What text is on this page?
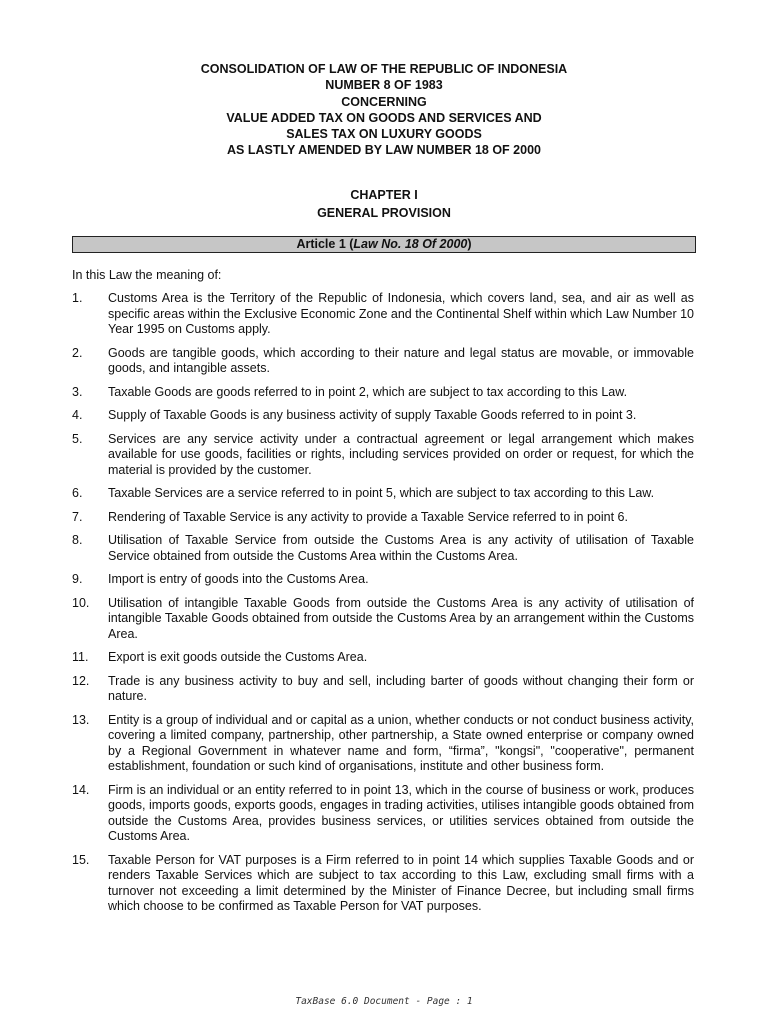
CONSOLIDATION OF LAW OF THE REPUBLIC OF INDONESIA
NUMBER 8 OF 1983
CONCERNING
VALUE ADDED TAX ON GOODS AND SERVICES AND
SALES TAX ON LUXURY GOODS
AS LASTLY AMENDED BY LAW NUMBER 18 OF 2000
CHAPTER I
GENERAL PROVISION
Article 1 (Law No. 18 Of 2000)
In this Law the meaning of:
1.	Customs Area is the Territory of the Republic of Indonesia, which covers land, sea, and air as well as specific areas within the Exclusive Economic Zone and the Continental Shelf within which Law Number 10 Year 1995 on Customs apply.
2.	Goods are tangible goods, which according to their nature and legal status are movable, or immovable goods, and intangible assets.
3.	Taxable Goods are goods referred to in point 2, which are subject to tax according to this Law.
4.	Supply of Taxable Goods is any business activity of supply Taxable Goods referred to in point 3.
5.	Services are any service activity under a contractual agreement or legal arrangement which makes available for use goods, facilities or rights, including services provided on order or request, for which the material is provided by the customer.
6.	Taxable Services are a service referred to in point 5, which are subject to tax according to this Law.
7.	Rendering of Taxable Service is any activity to provide a Taxable Service referred to in point 6.
8.	Utilisation of Taxable Service from outside the Customs Area is any activity of utilisation of Taxable Service obtained from outside the Customs Area within the Customs Area.
9.	Import is entry of goods into the Customs Area.
10.	Utilisation of intangible Taxable Goods from outside the Customs Area is any activity of utilisation of intangible Taxable Goods obtained from outside the Customs Area by an arrangement within the Customs Area.
11.	Export is exit goods outside the Customs Area.
12.	Trade is any business activity to buy and sell, including barter of goods without changing their form or nature.
13.	Entity is a group of individual and or capital as a union, whether conducts or not conduct business activity, covering a limited company, partnership, other partnership, a State owned enterprise or company owned by a Regional Government in whatever name and form, “firma”, "kongsi", "cooperative", permanent establishment, foundation or such kind of organisations, institute and other business form.
14.	Firm is an individual or an entity referred to in point 13, which in the course of business or work, produces goods, imports goods, exports goods, engages in trading activities, utilises intangible goods obtained from outside the Customs Area, provides business services, or utilities services obtained from outside the Customs Area.
15.	Taxable Person for VAT purposes is a Firm referred to in point 14 which supplies Taxable Goods and or renders Taxable Services which are subject to tax according to this Law, excluding small firms with a turnover not exceeding a limit determined by the Minister of Finance Decree, but including small firms which choose to be confirmed as Taxable Person for VAT purposes.
TaxBase 6.0 Document - Page : 1
